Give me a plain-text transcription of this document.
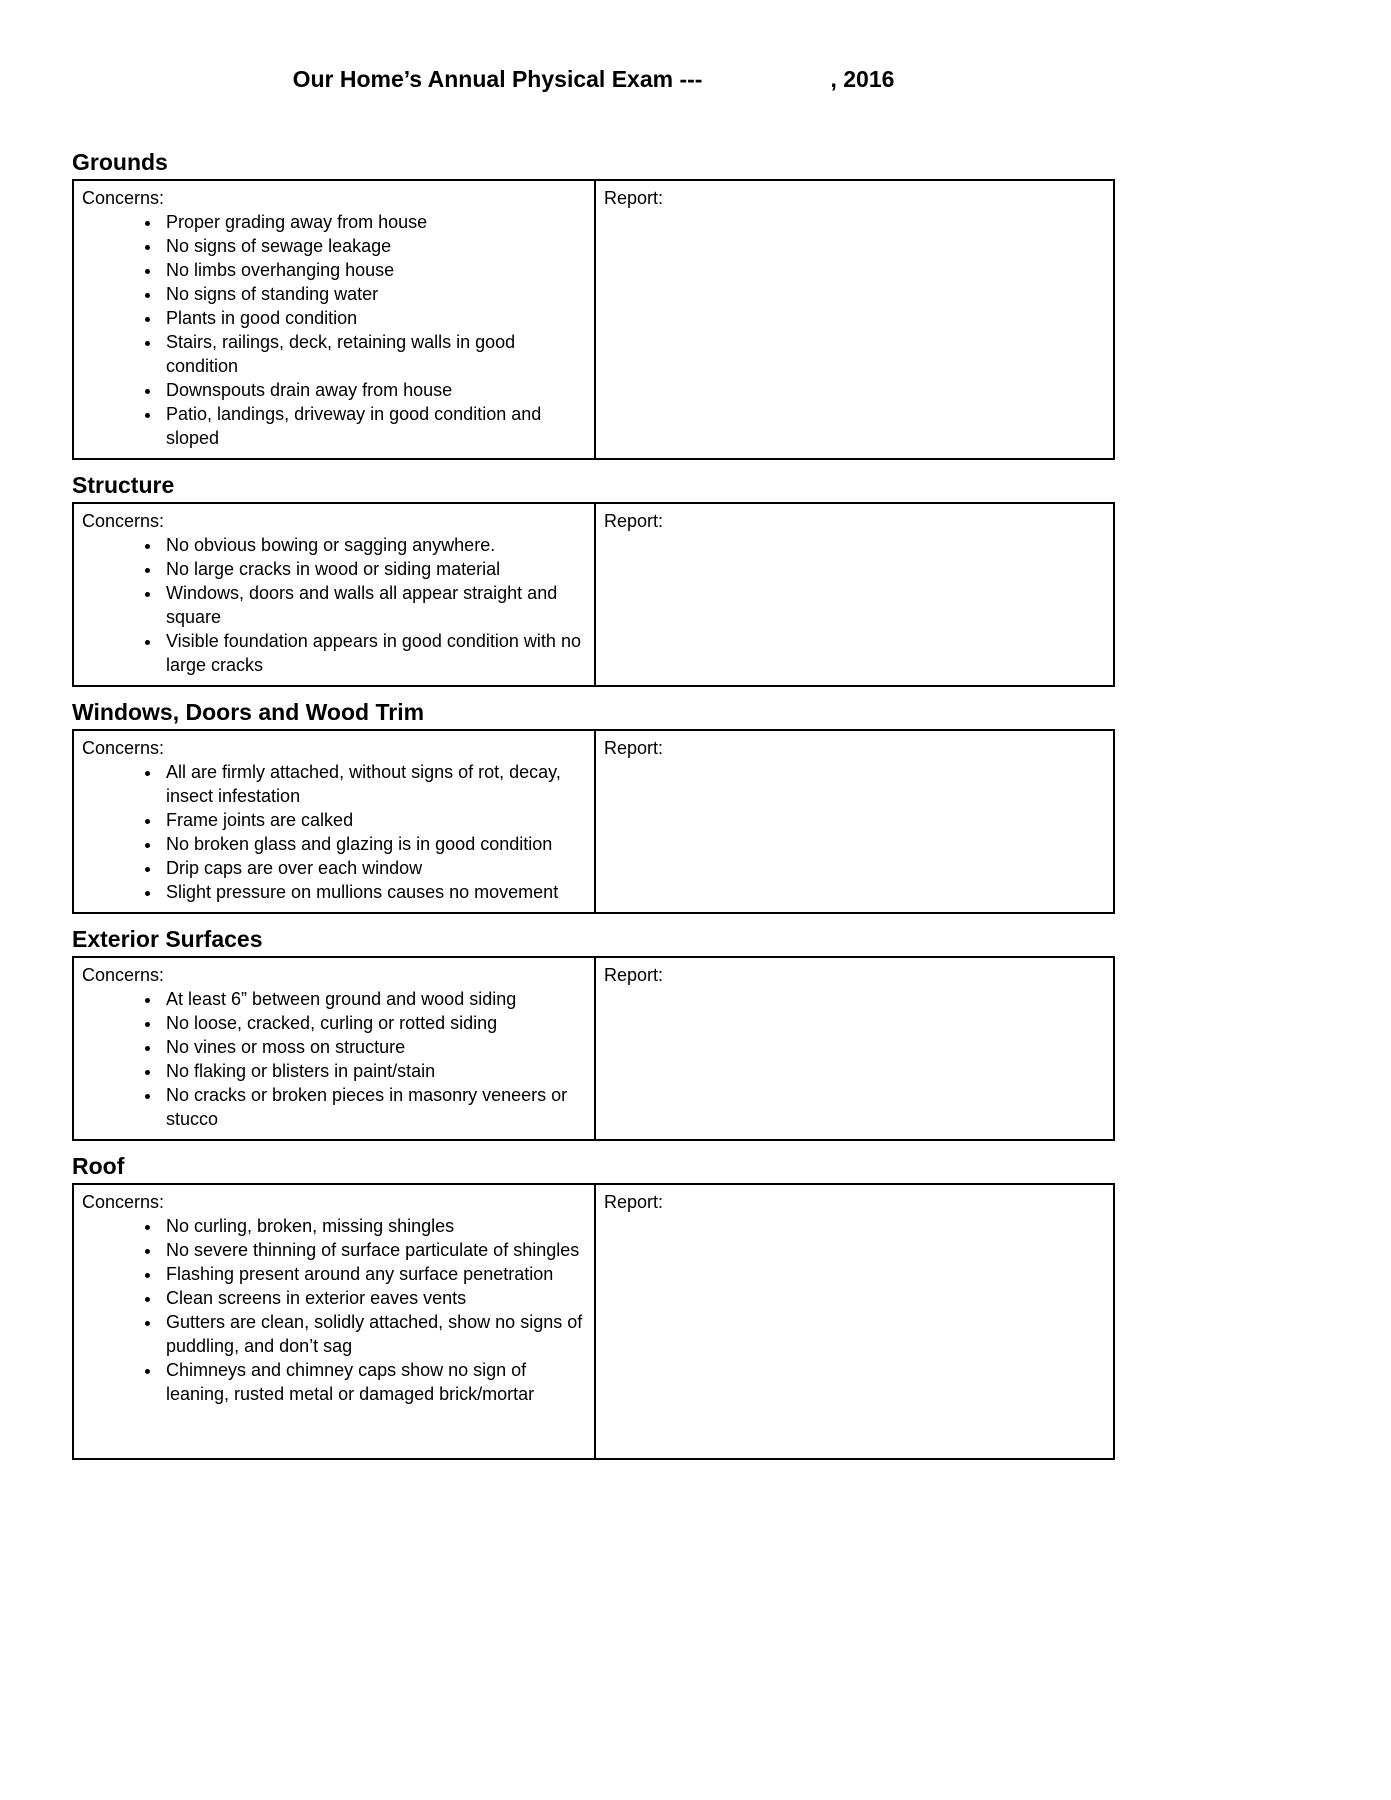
Our Home’s Annual Physical Exam ---	, 2016
Grounds
Concerns:
• Proper grading away from house
• No signs of sewage leakage
• No limbs overhanging house
• No signs of standing water
• Plants in good condition
• Stairs, railings, deck, retaining walls in good condition
• Downspouts drain away from house
• Patio, landings, driveway in good condition and sloped
Report:
Structure
Concerns:
• No obvious bowing or sagging anywhere.
• No large cracks in wood or siding material
• Windows, doors and walls all appear straight and square
• Visible foundation appears in good condition with no large cracks
Report:
Windows, Doors and Wood Trim
Concerns:
• All are firmly attached, without signs of rot, decay, insect infestation
• Frame joints are calked
• No broken glass and glazing is in good condition
• Drip caps are over each window
• Slight pressure on mullions causes no movement
Report:
Exterior Surfaces
Concerns:
• At least 6” between ground and wood siding
• No loose, cracked, curling or rotted siding
• No vines or moss on structure
• No flaking or blisters in paint/stain
• No cracks or broken pieces in masonry veneers or stucco
Report:
Roof
Concerns:
• No curling, broken, missing shingles
• No severe thinning of surface particulate of shingles
• Flashing present around any surface penetration
• Clean screens in exterior eaves vents
• Gutters are clean, solidly attached, show no signs of puddling, and don’t sag
• Chimneys and chimney caps show no sign of leaning, rusted metal or damaged brick/mortar
Report:
